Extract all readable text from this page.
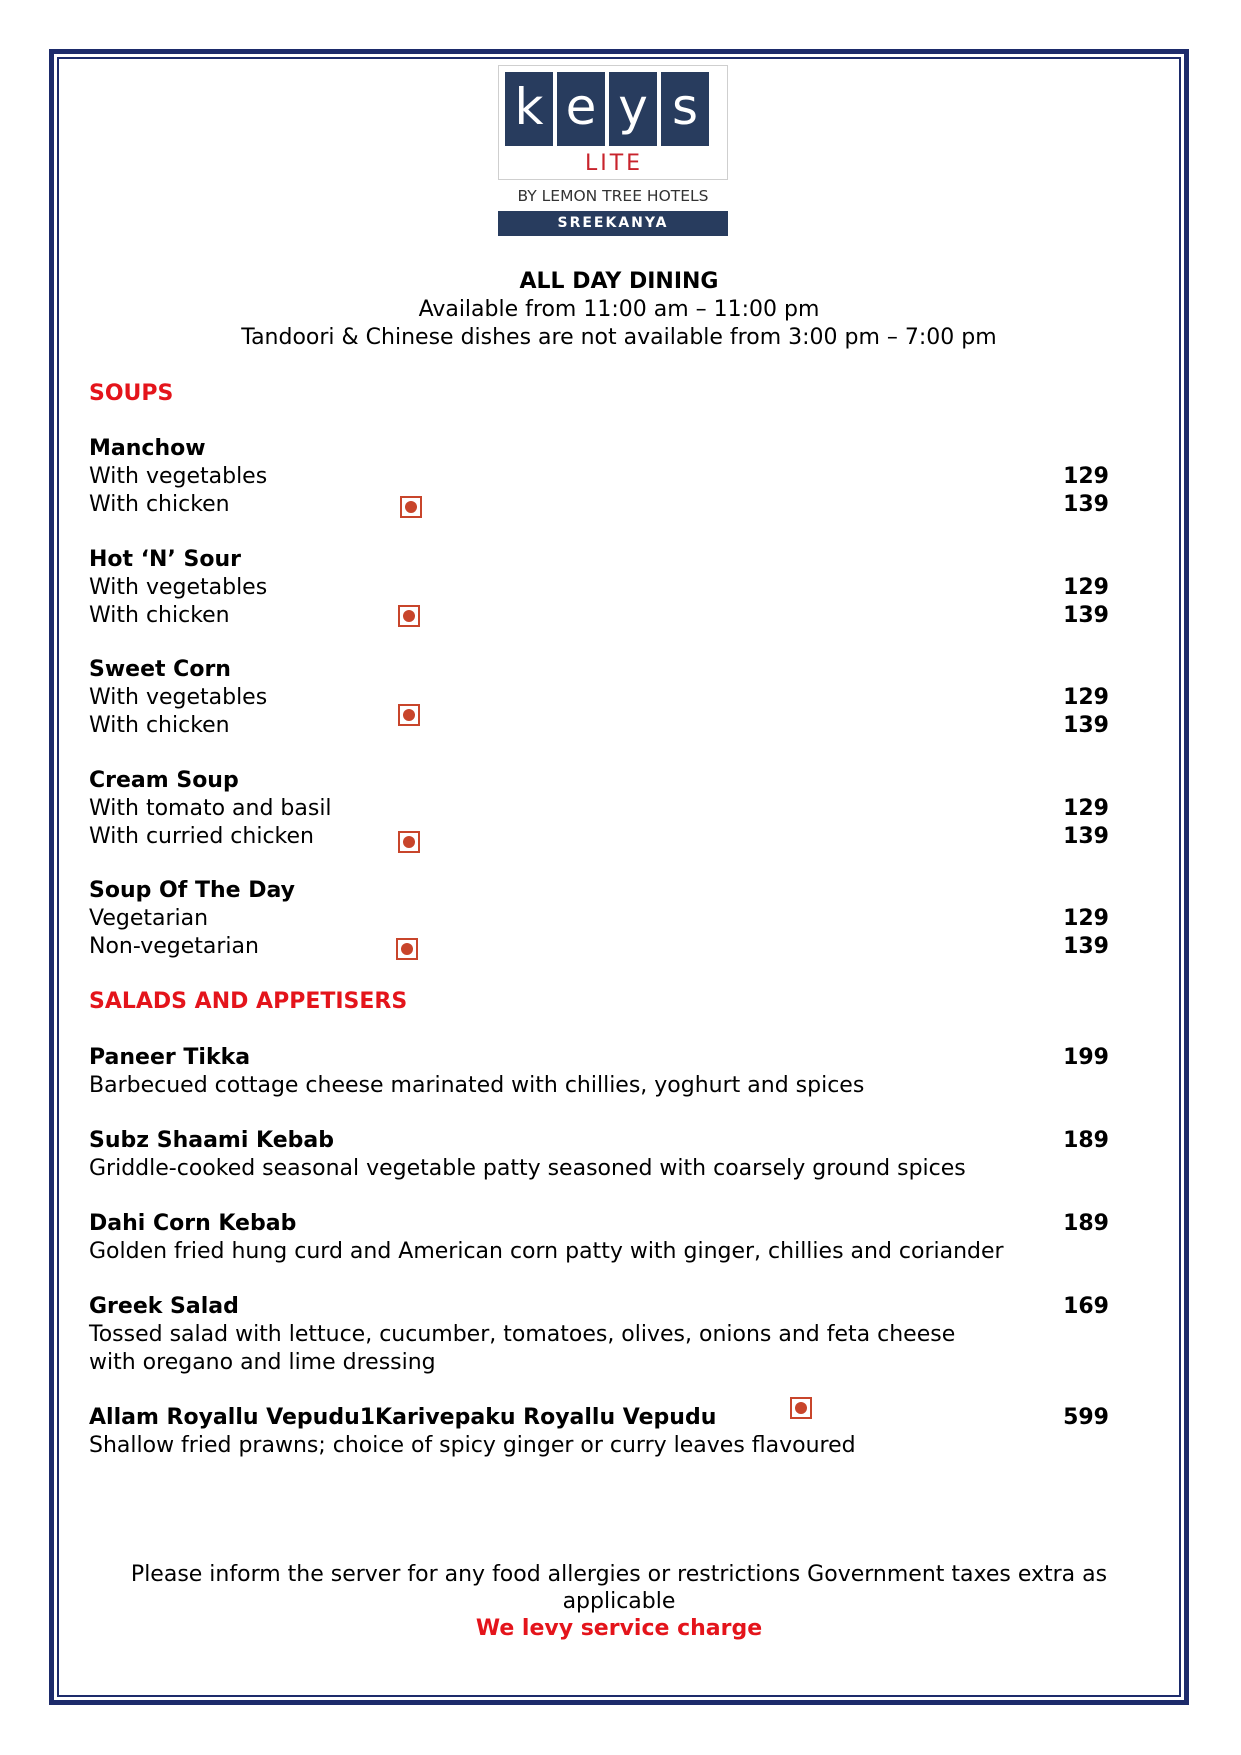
k e y s
LITE
BY LEMON TREE HOTELS
SREEKANYA
ALL DAY DINING
Available from 11:00 am – 11:00 pm
Tandoori & Chinese dishes are not available from 3:00 pm – 7:00 pm
SOUPS
Manchow
With vegetables	129
With chicken	139
Hot ‘N’ Sour
With vegetables	129
With chicken	139
Sweet Corn
With vegetables	129
With chicken	139
Cream Soup
With tomato and basil	129
With curried chicken	139
Soup Of The Day
Vegetarian	129
Non-vegetarian	139
SALADS AND APPETISERS
Paneer Tikka	199
Barbecued cottage cheese marinated with chillies, yoghurt and spices
Subz Shaami Kebab	189
Griddle-cooked seasonal vegetable patty seasoned with coarsely ground spices
Dahi Corn Kebab	189
Golden fried hung curd and American corn patty with ginger, chillies and coriander
Greek Salad	169
Tossed salad with lettuce, cucumber, tomatoes, olives, onions and feta cheese
with oregano and lime dressing
Allam Royallu Vepudu1Karivepaku Royallu Vepudu	599
Shallow fried prawns; choice of spicy ginger or curry leaves flavoured
Please inform the server for any food allergies or restrictions Government taxes extra as
applicable
We levy service charge
